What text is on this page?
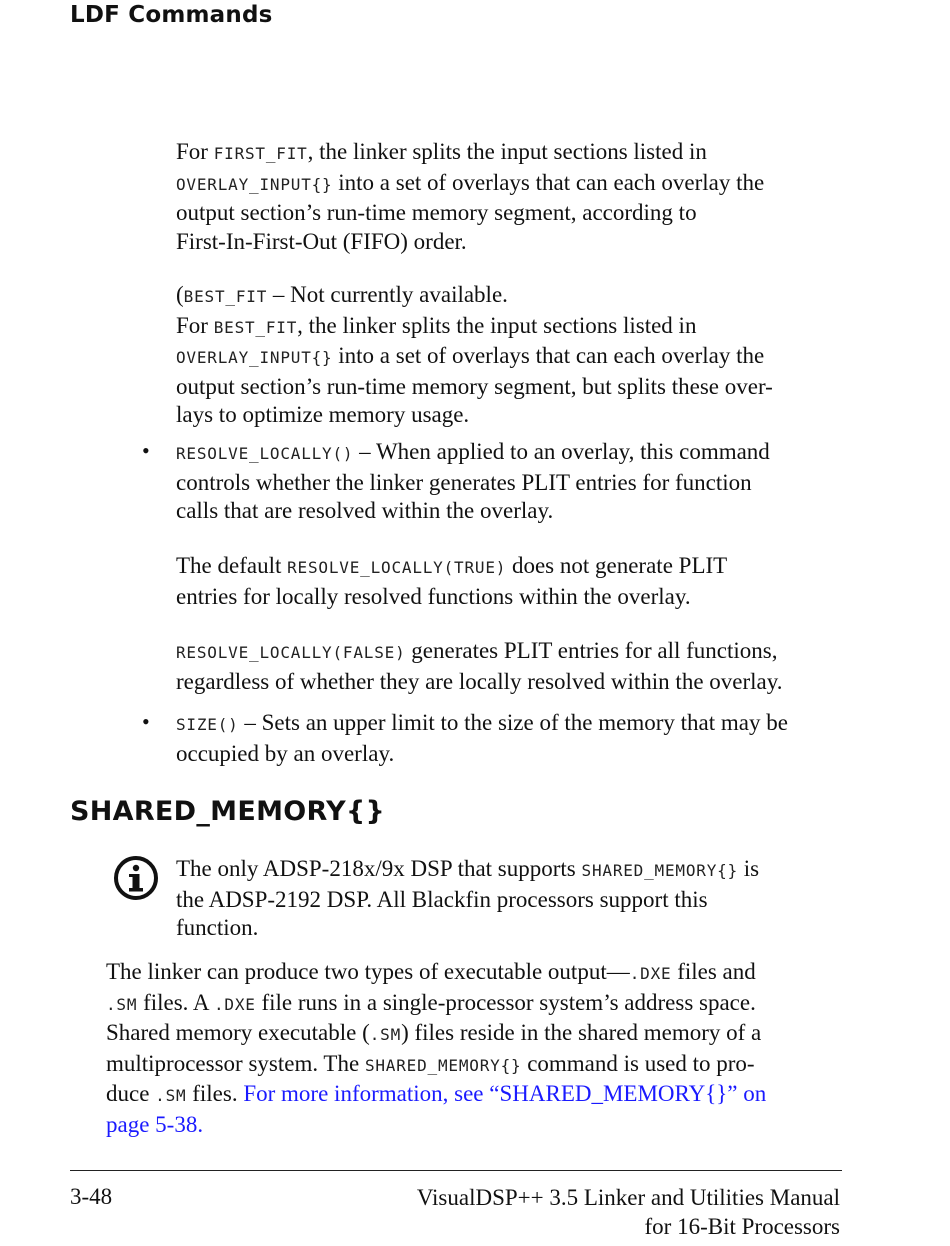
LDF Commands
For FIRST_FIT, the linker splits the input sections listed in
OVERLAY_INPUT{} into a set of overlays that can each overlay the
output section’s run-time memory segment, according to
First-In-First-Out (FIFO) order.
(BEST_FIT – Not currently available.
For BEST_FIT, the linker splits the input sections listed in
OVERLAY_INPUT{} into a set of overlays that can each overlay the
output section’s run-time memory segment, but splits these over-
lays to optimize memory usage.
• RESOLVE_LOCALLY() – When applied to an overlay, this command
controls whether the linker generates PLIT entries for function
calls that are resolved within the overlay.
The default RESOLVE_LOCALLY(TRUE) does not generate PLIT
entries for locally resolved functions within the overlay.
RESOLVE_LOCALLY(FALSE) generates PLIT entries for all functions,
regardless of whether they are locally resolved within the overlay.
• SIZE() – Sets an upper limit to the size of the memory that may be
occupied by an overlay.
SHARED_MEMORY{}
The only ADSP-218x/9x DSP that supports SHARED_MEMORY{} is
the ADSP-2192 DSP. All Blackfin processors support this
function.
The linker can produce two types of executable output—.DXE files and
.SM files. A .DXE file runs in a single-processor system’s address space.
Shared memory executable (.SM) files reside in the shared memory of a
multiprocessor system. The SHARED_MEMORY{} command is used to pro-
duce .SM files. For more information, see “SHARED_MEMORY{}” on
page 5-38.
3-48	VisualDSP++ 3.5 Linker and Utilities Manual
for 16-Bit Processors
